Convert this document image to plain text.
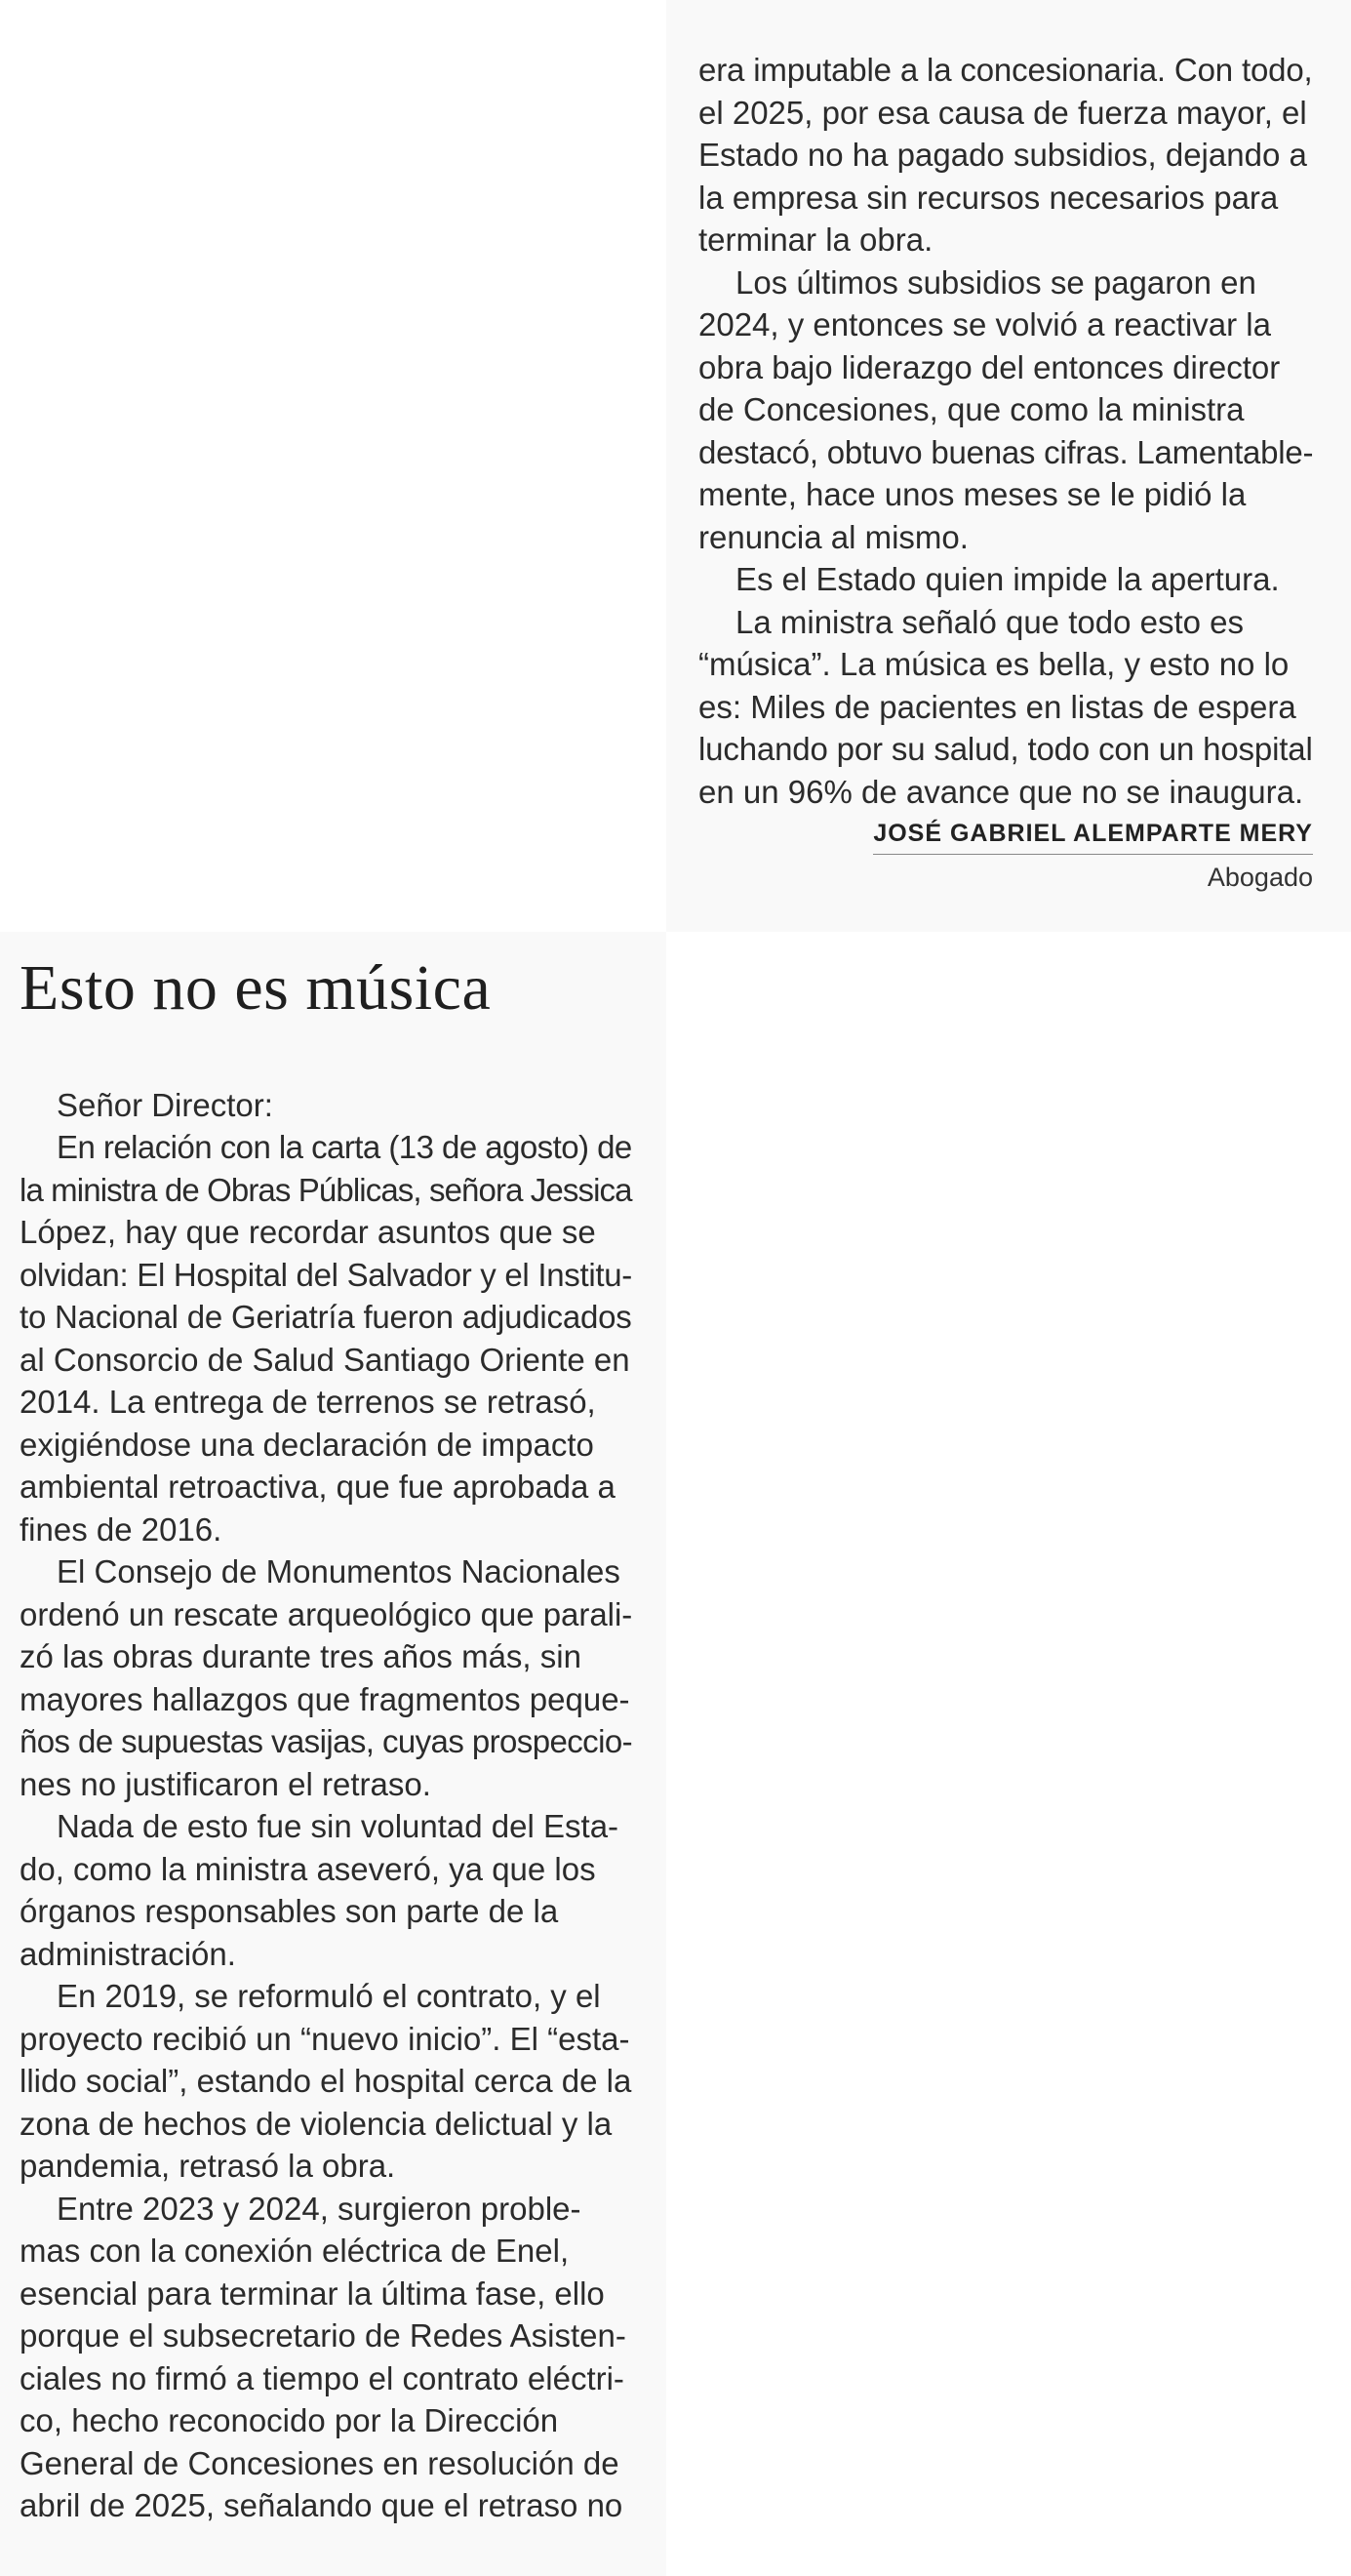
era imputable a la concesionaria. Con todo,
el 2025, por esa causa de fuerza mayor, el
Estado no ha pagado subsidios, dejando a
la empresa sin recursos necesarios para
terminar la obra.

Los últimos subsidios se pagaron en
2024, y entonces se volvió a reactivar la
obra bajo liderazgo del entonces director
de Concesiones, que como la ministra
destacó, obtuvo buenas cifras. Lamentable-
mente, hace unos meses se le pidió la
renuncia al mismo.

Es el Estado quien impide la apertura.

La ministra señaló que todo esto es
“música”. La música es bella, y esto no lo
es: Miles de pacientes en listas de espera
luchando por su salud, todo con un hospital
en un 96% de avance que no se inaugura.

JOSÉ GABRIEL ALEMPARTE MERY
Abogado
Esto no es música

Señor Director:

En relación con la carta (13 de agosto) de
la ministra de Obras Públicas, señora Jessica
López, hay que recordar asuntos que se
olvidan: El Hospital del Salvador y el Institu-
to Nacional de Geriatría fueron adjudicados
al Consorcio de Salud Santiago Oriente en
2014. La entrega de terrenos se retrasó,
exigiéndose una declaración de impacto
ambiental retroactiva, que fue aprobada a
fines de 2016.

El Consejo de Monumentos Nacionales
ordenó un rescate arqueológico que parali-
zó las obras durante tres años más, sin
mayores hallazgos que fragmentos peque-
ños de supuestas vasijas, cuyas prospeccio-
nes no justificaron el retraso.

Nada de esto fue sin voluntad del Esta-
do, como la ministra aseveró, ya que los
órganos responsables son parte de la
administración.

En 2019, se reformuló el contrato, y el
proyecto recibió un “nuevo inicio”. El “esta-
llido social”, estando el hospital cerca de la
zona de hechos de violencia delictual y la
pandemia, retrasó la obra.

Entre 2023 y 2024, surgieron proble-
mas con la conexión eléctrica de Enel,
esencial para terminar la última fase, ello
porque el subsecretario de Redes Asisten-
ciales no firmó a tiempo el contrato eléctri-
co, hecho reconocido por la Dirección
General de Concesiones en resolución de
abril de 2025, señalando que el retraso no
